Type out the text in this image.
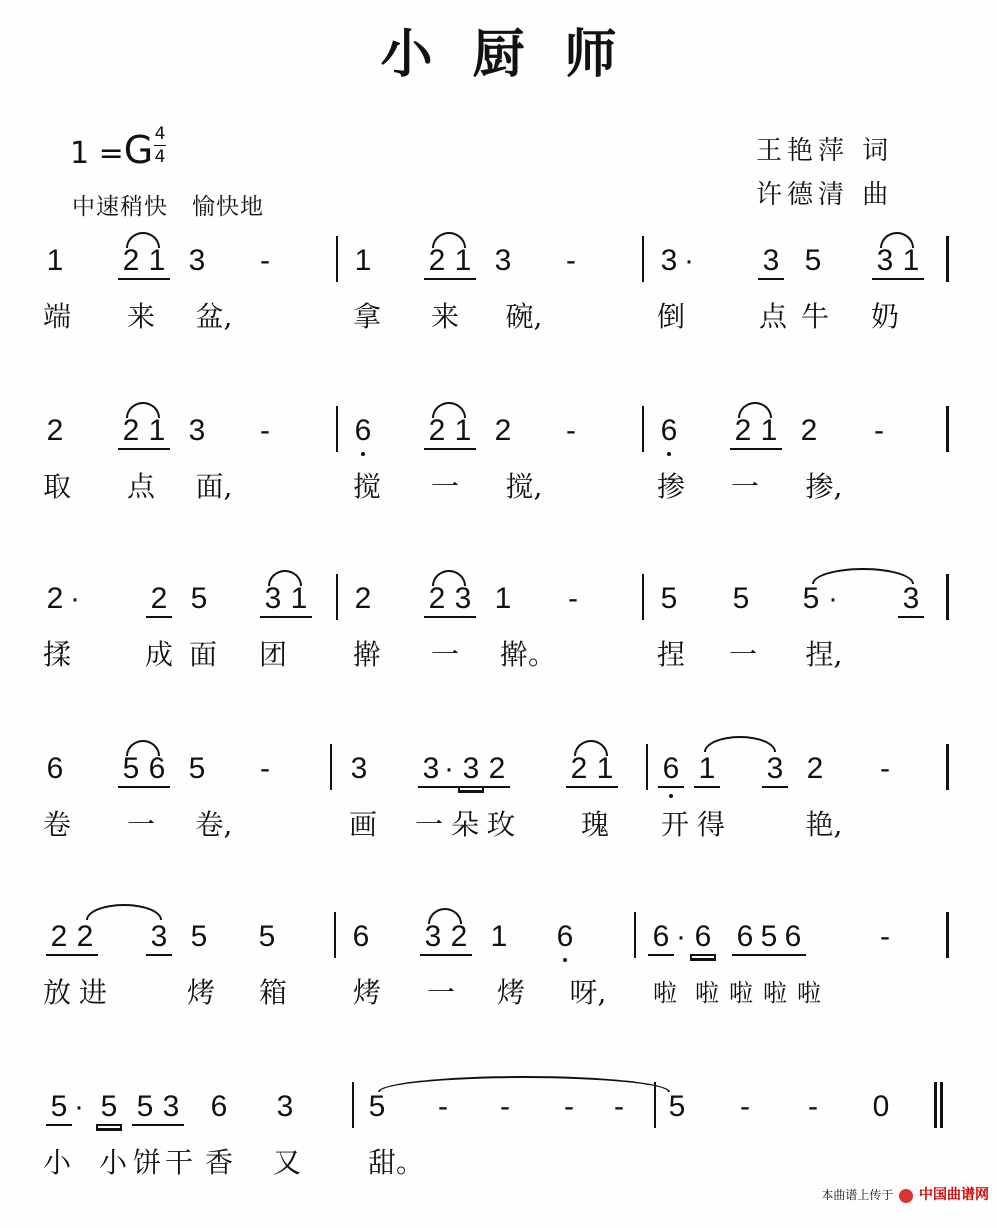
小厨师
1 =G 4
4
中速稍快　愉快地
王艳萍 词
许德清 曲
1 2 1 3 -	1 2 1 3 -	3 · 3 5 3 1
端 来 盆,	拿 来 碗,	倒	点 牛 奶
2 2 1 3 -	6 2 1 2 -	6 2 1 2 -
取 点 面,	搅 一 搅,	掺 一 掺,
2 · 2 5 3 1 2 2 3 1 -	5 5 5 · 3
揉	成 面 团 擀 一 擀。	捏 一 捏,
6 5 6 5 -	3 3 · 3 2 2 1 6 1 3 2 -
卷 一 卷,	画 一 朵 玫 瑰 开 得	艳,
2 2 3 5 5	6 3 2 1 6	6 · 6 6 5 6	-
放 进	烤 箱 烤 一 烤 呀, 啦 啦 啦 啦 啦
5 · 5 5 3 6 3	5 - - - - 5 - - 0
小 小 饼 干 香 又 甜。
本曲谱上传于 中国曲谱网
